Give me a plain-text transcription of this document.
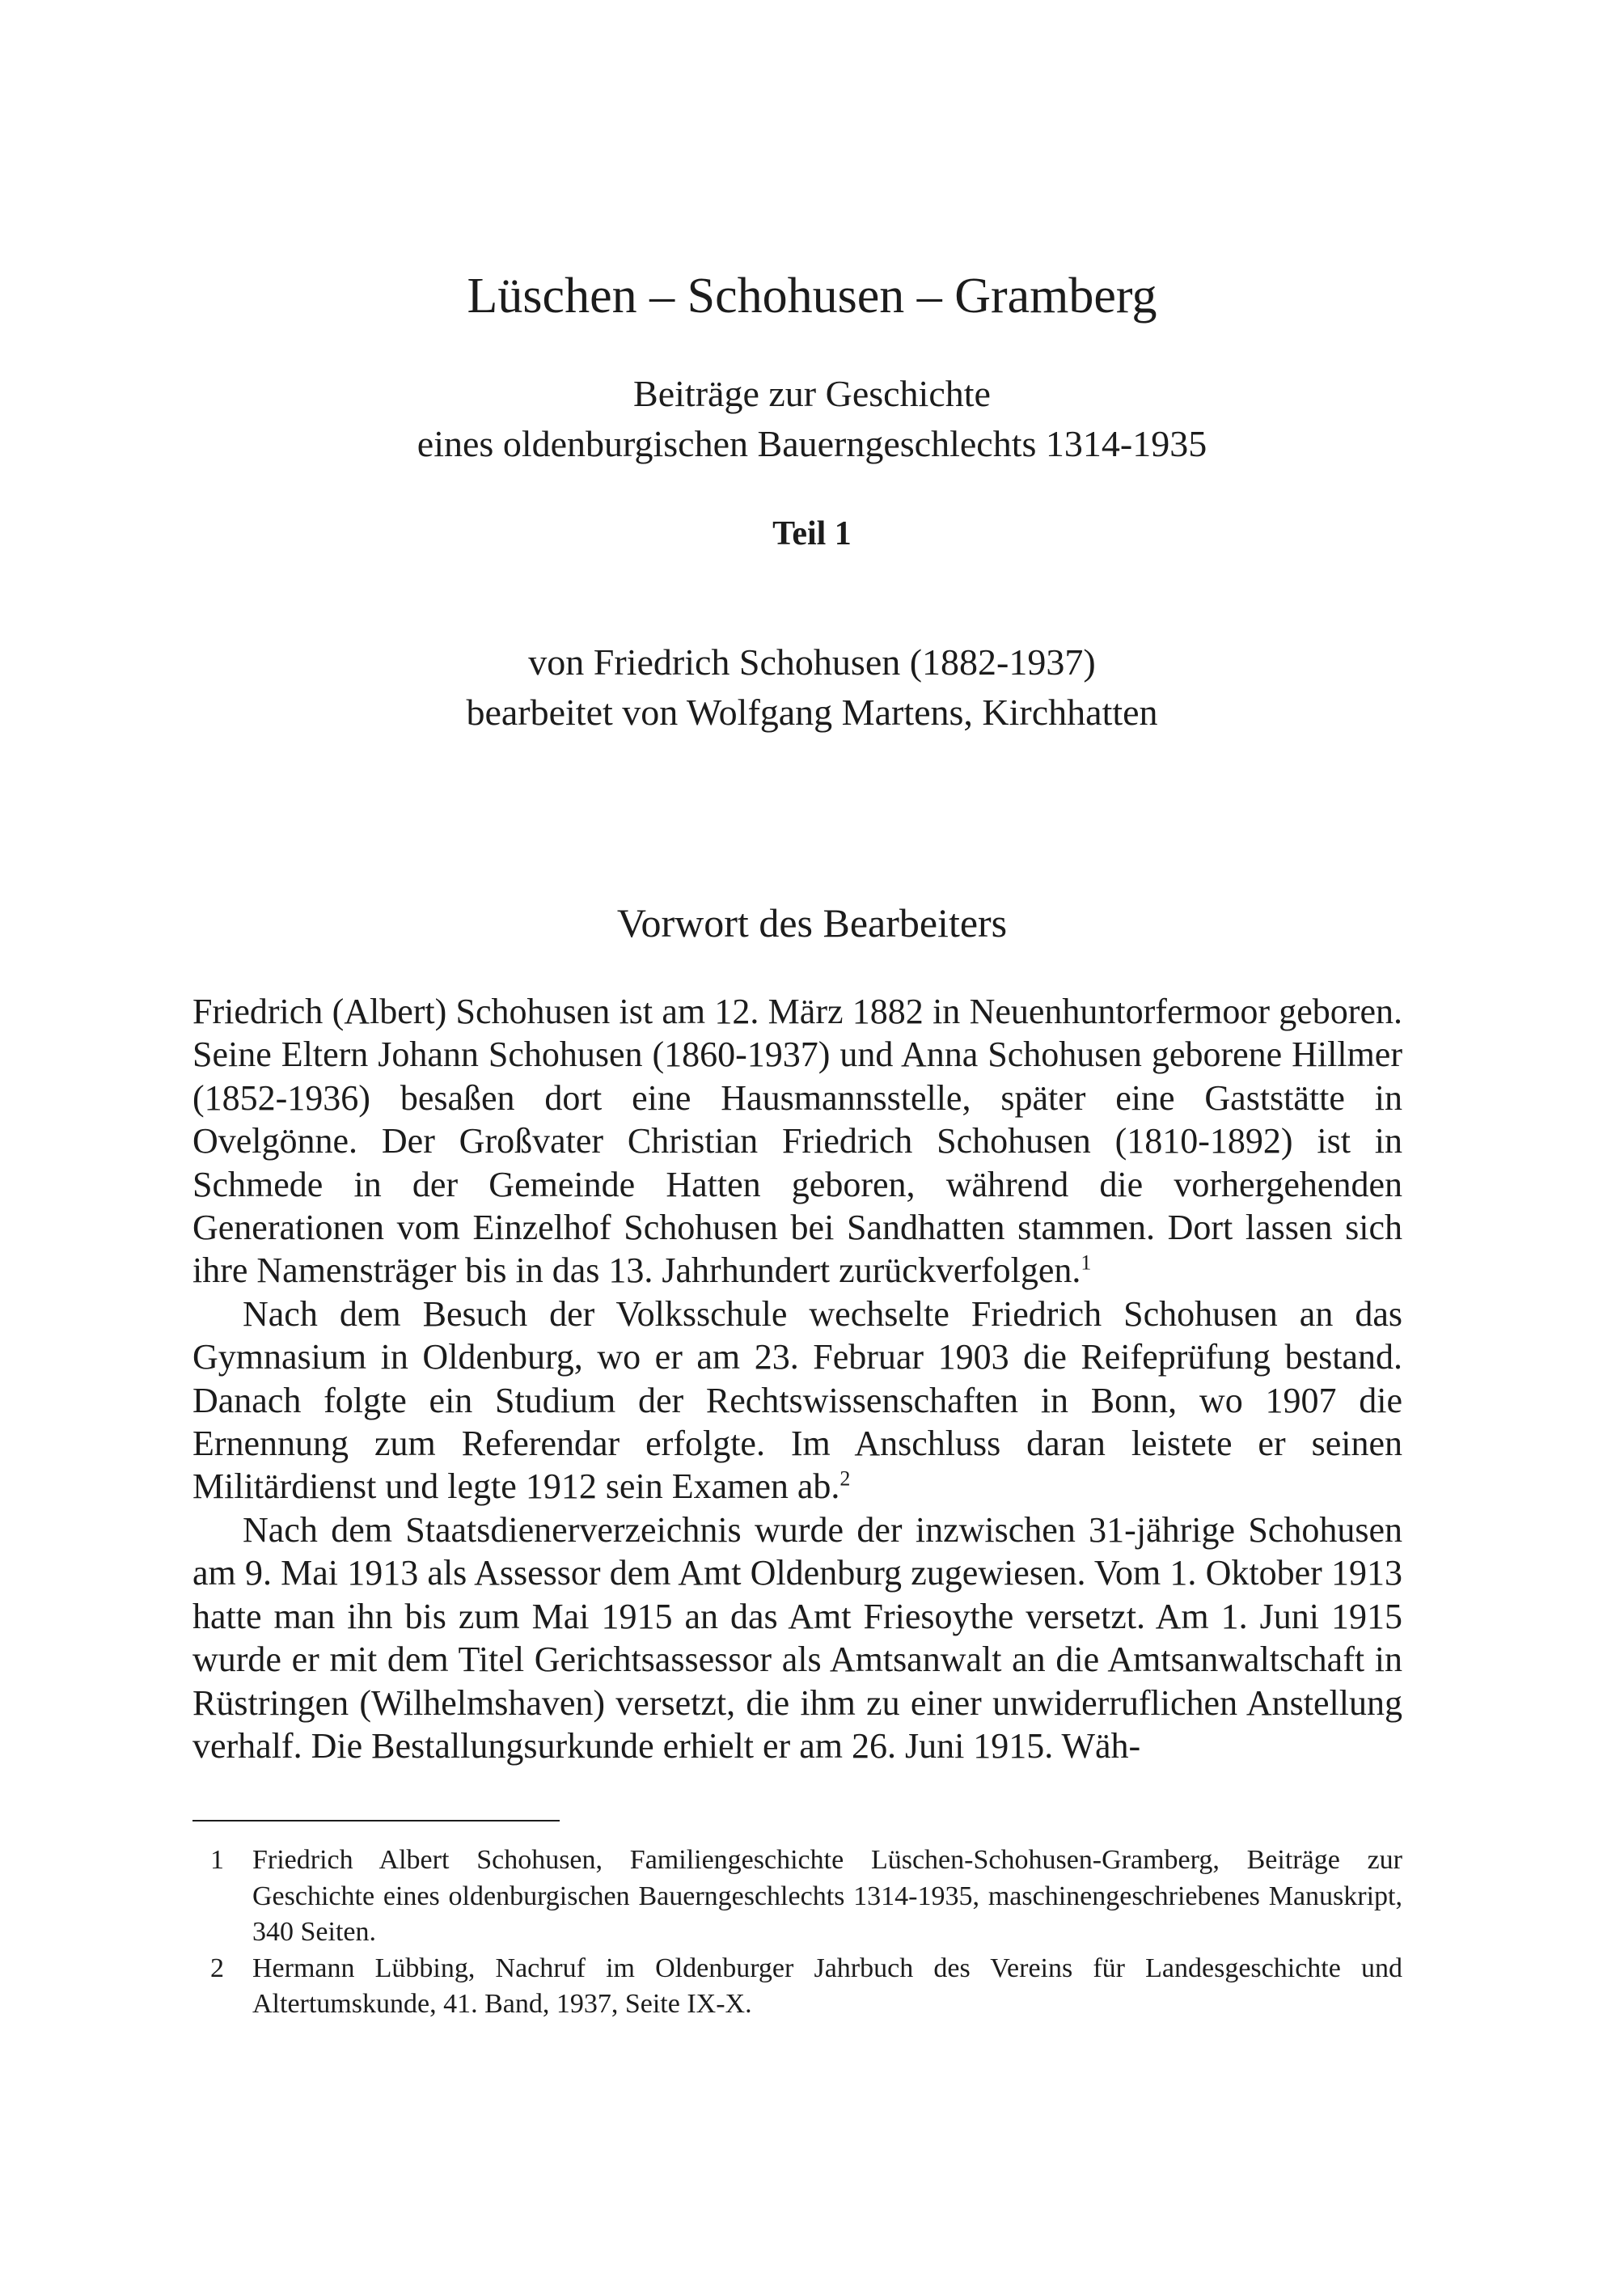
Lüschen – Schohusen – Gramberg
Beiträge zur Geschichte
eines oldenburgischen Bauerngeschlechts 1314-1935
Teil 1
von Friedrich Schohusen (1882-1937)
bearbeitet von Wolfgang Martens, Kirchhatten
Vorwort des Bearbeiters

Friedrich (Albert) Schohusen ist am 12. März 1882 in Neuenhuntorfermoor geboren. Seine Eltern Johann Schohusen (1860-1937) und Anna Schohusen geborene Hillmer (1852-1936) besaßen dort eine Hausmannsstelle, später eine Gaststätte in Ovelgönne. Der Großvater Christian Friedrich Schohusen (1810-1892) ist in Schmede in der Gemeinde Hatten geboren, während die vorhergehenden Generationen vom Einzelhof Schohusen bei Sandhatten stammen. Dort lassen sich ihre Namensträger bis in das 13. Jahrhundert zurückverfolgen.$^1$

Nach dem Besuch der Volksschule wechselte Friedrich Schohusen an das Gymnasium in Oldenburg, wo er am 23. Februar 1903 die Reifeprüfung bestand. Danach folgte ein Studium der Rechtswissenschaften in Bonn, wo 1907 die Ernennung zum Referendar erfolgte. Im Anschluss daran leistete er seinen Militärdienst und legte 1912 sein Examen ab.$^2$

Nach dem Staatsdienerverzeichnis wurde der inzwischen 31-jährige Schohusen am 9. Mai 1913 als Assessor dem Amt Oldenburg zugewiesen. Vom 1. Oktober 1913 hatte man ihn bis zum Mai 1915 an das Amt Friesoythe versetzt. Am 1. Juni 1915 wurde er mit dem Titel Gerichtsassessor als Amtsanwalt an die Amtsanwaltschaft in Rüstringen (Wilhelmshaven) versetzt, die ihm zu einer unwiderruflichen Anstellung verhalf. Die Bestallungsurkunde erhielt er am 26. Juni 1915. Wäh-

1	Friedrich Albert Schohusen, Familiengeschichte Lüschen-Schohusen-Gramberg, Beiträge zur Geschichte eines oldenburgischen Bauerngeschlechts 1314-1935, maschinengeschriebenes Manuskript, 340 Seiten.
2	Hermann Lübbing, Nachruf im Oldenburger Jahrbuch des Vereins für Landesgeschichte und Altertumskunde, 41. Band, 1937, Seite IX-X.
